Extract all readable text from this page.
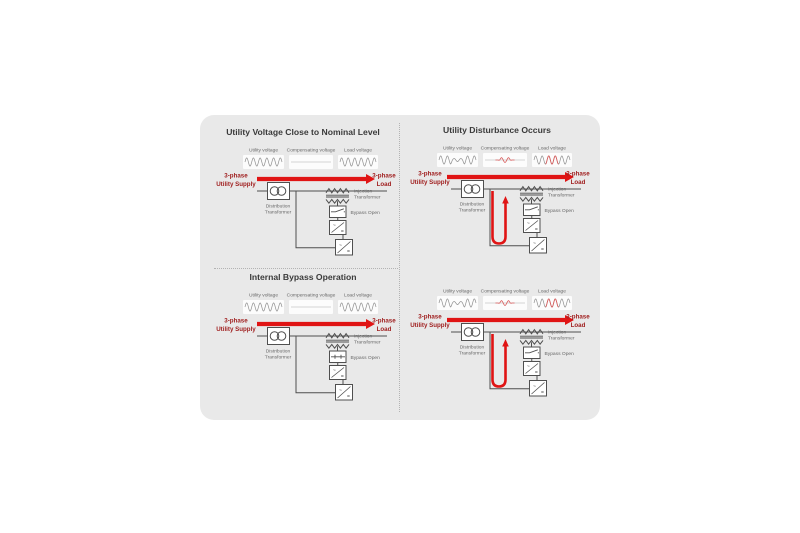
Utility Voltage Close to Nominal Level
Utility voltage Compensating voltage Load voltage
3-phase
Utility Supply
3-phase
Load
Distribution
Transformer
Injection
Transformer
Bypass Open
~
=
~
=
Utility Disturbance Occurs
Utility voltage Compensating voltage Load voltage
3-phase
Utility Supply
3-phase
Load
Distribution
Transformer
Injection
Transformer
Bypass Open
~
=
~
=
Internal Bypass Operation
Utility voltage Compensating voltage Load voltage
3-phase
Utility Supply
3-phase
Load
Distribution
Transformer
Injection
Transformer
Bypass Open
~
=
~
=
Utility voltage Compensating voltage Load voltage
3-phase
Utility Supply
3-phase
Load
Distribution
Transformer
Injection
Transformer
Bypass Open
~
=
~
=
